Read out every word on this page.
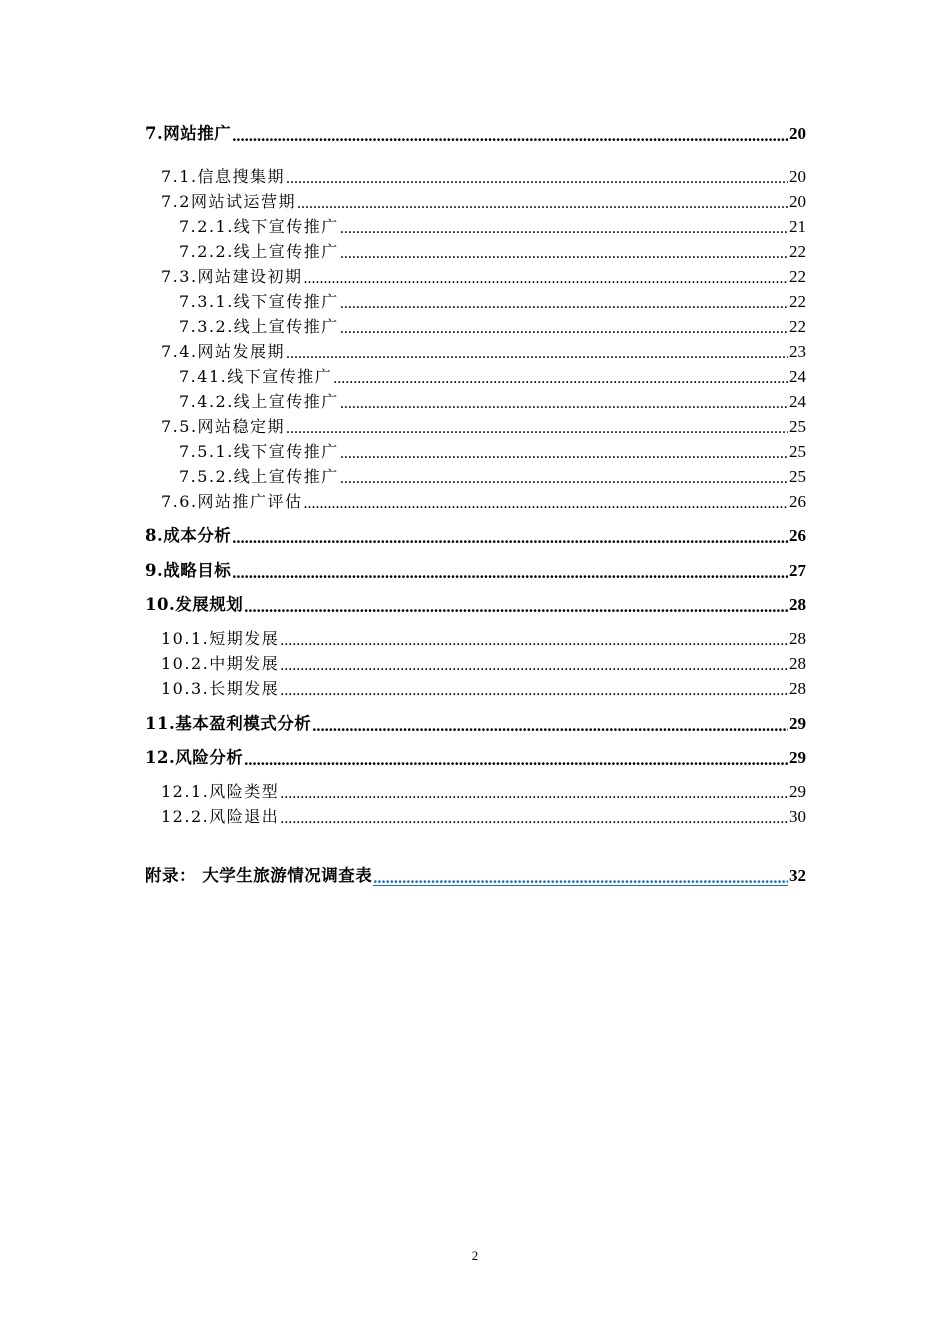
7.网站推广 .....	20
7.1.信息搜集期 .....	20
7.2网站试运营期 .....	20
7.2.1.线下宣传推广 .....	21
7.2.2.线上宣传推广 .....	22
7.3.网站建设初期 .....	22
7.3.1.线下宣传推广 .....	22
7.3.2.线上宣传推广 .....	22
7.4.网站发展期 .....	23
7.41.线下宣传推广 .....	24
7.4.2.线上宣传推广 .....	24
7.5.网站稳定期 .....	25
7.5.1.线下宣传推广 .....	25
7.5.2.线上宣传推广 .....	25
7.6.网站推广评估 .....	26
8.成本分析 .....	26
9.战略目标 .....	27
10.发展规划 .....	28
10.1.短期发展 .....	28
10.2.中期发展 .....	28
10.3.长期发展 .....	28
11.基本盈利模式分析 .....	29
12.风险分析 .....	29
12.1.风险类型 .....	29
12.2.风险退出 .....	30
附录： 大学生旅游情况调查表 .....	32
2
